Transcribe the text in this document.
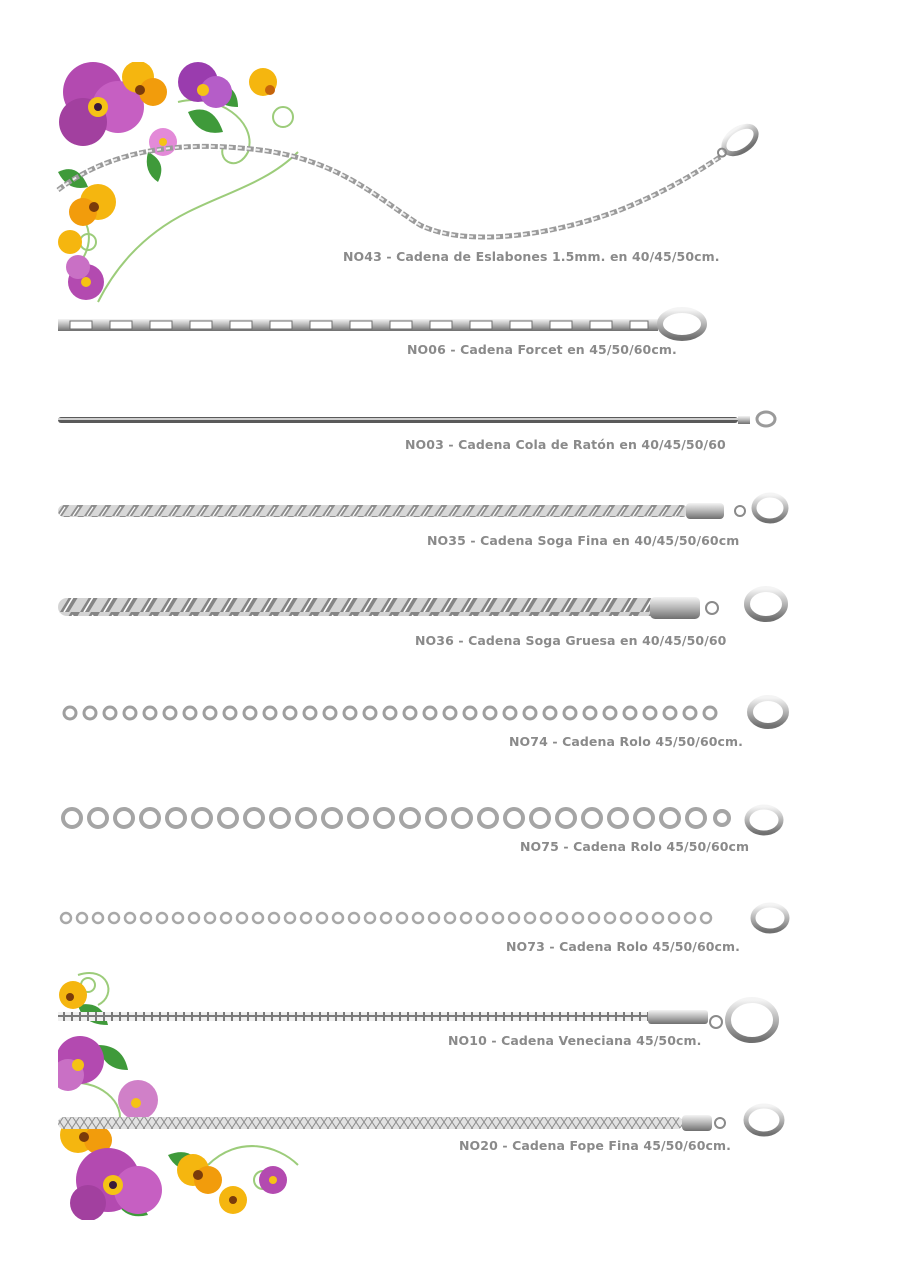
NO43 - Cadena de Eslabones 1.5mm. en 40/45/50cm.
NO06 - Cadena Forcet en 45/50/60cm.
NO03 - Cadena Cola de Ratón en 40/45/50/60
NO35 - Cadena Soga Fina en 40/45/50/60cm
NO36 - Cadena Soga Gruesa en 40/45/50/60
NO74 - Cadena Rolo 45/50/60cm.
NO75 - Cadena Rolo 45/50/60cm
NO73 - Cadena Rolo 45/50/60cm.
NO10 - Cadena Veneciana 45/50cm.
NO20 - Cadena Fope Fina 45/50/60cm.
